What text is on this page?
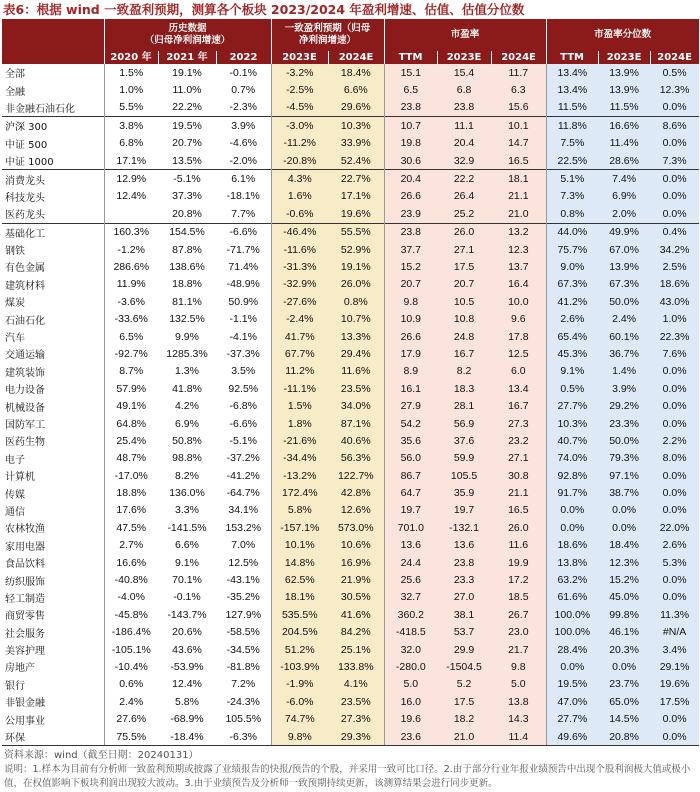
表6：根据 wind 一致盈利预期，测算各个板块 2023/2024 年盈利增速、估值、估值分位数
	历史数据
（归母净利润增速）			一致盈利预期（归母
净利润增速）		市盈率			市盈率分位数		
	2020 年	2021 年	2022	2023E	2024E	TTM	2023E	2024E	TTM	2023E	2024E
全部	1.5%	19.1%	-0.1%	-3.2%	18.4%	15.1	15.4	11.7	13.4%	13.9%	0.5%
全融	1.0%	11.0%	0.7%	-2.5%	6.6%	6.5	6.8	6.3	13.4%	13.9%	12.3%
非金融石油石化	5.5%	22.2%	-2.3%	-4.5%	29.6%	23.8	23.8	15.6	11.5%	11.5%	0.0%
沪深 300	3.8%	19.5%	3.9%	-3.0%	10.3%	10.7	11.1	10.1	11.8%	16.6%	8.6%
中证 500	6.8%	20.7%	-4.6%	-11.2%	33.9%	19.8	20.4	14.7	7.5%	11.4%	0.0%
中证 1000	17.1%	13.5%	-2.0%	-20.8%	52.4%	30.6	32.9	16.5	22.5%	28.6%	7.3%
消费龙头	12.9%	-5.1%	6.1%	4.3%	22.7%	20.4	22.2	18.1	5.1%	7.4%	0.0%
科技龙头	12.4%	37.3%	-18.1%	1.6%	17.1%	26.6	26.4	21.1	7.3%	6.9%	0.0%
医药龙头		20.8%	7.7%	-0.6%	19.6%	23.9	25.2	21.0	0.8%	2.0%	0.0%
基础化工	160.3%	154.5%	-6.6%	-46.4%	55.5%	23.8	26.0	13.2	44.0%	49.9%	0.4%
钢铁	-1.2%	87.8%	-71.7%	-11.6%	52.9%	37.7	27.1	12.3	75.7%	67.0%	34.2%
有色金属	286.6%	138.6%	71.4%	-31.3%	19.1%	15.2	17.5	13.7	9.0%	13.9%	2.5%
建筑材料	11.9%	18.8%	-48.9%	-32.9%	26.0%	20.7	20.7	16.4	67.3%	67.3%	18.6%
煤炭	-3.6%	81.1%	50.9%	-27.6%	0.8%	9.8	10.5	10.0	41.2%	50.0%	43.0%
石油石化	-33.6%	132.5%	-1.1%	-2.4%	10.7%	10.9	10.8	9.6	2.6%	2.4%	1.0%
汽车	6.5%	9.9%	-4.1%	41.7%	13.3%	26.6	24.8	17.8	65.4%	60.1%	22.3%
交通运输	-92.7%	1285.3%	-37.3%	67.7%	29.4%	17.9	16.7	12.5	45.3%	36.7%	7.6%
建筑装饰	8.7%	1.3%	3.5%	11.2%	11.6%	8.9	8.2	6.0	9.1%	1.4%	0.0%
电力设备	57.9%	41.8%	92.5%	-11.1%	23.5%	16.1	18.3	13.4	0.5%	3.9%	0.0%
机械设备	49.1%	4.2%	-6.8%	1.5%	34.0%	27.9	28.1	16.7	27.7%	29.2%	0.0%
国防军工	64.8%	6.9%	-6.6%	1.8%	87.1%	54.2	56.9	27.3	10.3%	23.3%	0.0%
医药生物	25.4%	50.8%	-5.1%	-21.6%	40.6%	35.6	37.6	23.2	40.7%	50.0%	2.2%
电子	48.7%	98.8%	-37.2%	-34.4%	56.3%	56.0	59.9	27.1	74.0%	79.3%	8.0%
计算机	-17.0%	8.2%	-41.2%	-13.2%	122.7%	86.7	105.5	30.8	92.8%	97.1%	0.0%
传媒	18.8%	136.0%	-64.7%	172.4%	42.8%	64.7	35.9	21.1	91.7%	38.7%	0.0%
通信	17.6%	3.3%	34.1%	5.8%	12.6%	19.7	19.7	16.5	0.0%	0.0%	0.0%
农林牧渔	47.5%	-141.5%	153.2%	-157.1%	573.0%	701.0	-132.1	26.0	0.0%	0.0%	22.0%
家用电器	2.7%	6.6%	7.0%	10.1%	10.6%	13.6	13.6	11.6	18.6%	18.4%	2.6%
食品饮料	16.6%	9.1%	12.5%	14.8%	16.9%	24.4	23.8	19.9	13.8%	12.3%	5.3%
纺织服饰	-40.8%	70.1%	-43.1%	62.5%	21.9%	25.6	23.3	17.2	63.2%	15.2%	0.0%
轻工制造	-4.0%	-0.1%	-35.2%	18.1%	30.5%	32.7	27.0	18.5	61.6%	45.0%	0.0%
商贸零售	-45.8%	-143.7%	127.9%	535.5%	41.6%	360.2	38.1	26.7	100.0%	99.8%	11.3%
社会服务	-186.4%	20.6%	-58.5%	204.5%	84.2%	-418.5	53.7	23.0	100.0%	46.1%	#N/A
美容护理	-105.1%	43.6%	-34.5%	51.2%	25.1%	32.0	29.9	21.7	28.4%	20.3%	3.4%
房地产	-10.4%	-53.9%	-81.8%	-103.9%	133.8%	-280.0	-1504.5	9.8	0.0%	0.0%	29.1%
银行	0.6%	12.4%	7.2%	-1.9%	4.1%	5.0	5.2	5.0	19.5%	23.7%	19.6%
非银金融	2.4%	5.8%	-24.3%	-6.0%	23.5%	16.0	17.5	13.8	47.0%	65.0%	17.5%
公用事业	27.6%	-68.9%	105.5%	74.7%	27.3%	19.6	18.2	14.3	27.7%	14.5%	0.0%
环保	75.5%	-18.4%	-6.3%	9.8%	29.3%	23.6	21.0	11.4	49.6%	20.8%	0.0%
资料来源：wind（截至日期：20240131）
说明：1.样本为目前有分析师一致盈利预期或披露了业绩报告的快报/预告的个股，并采用一致可比口径。2.由于部分行业年报业绩预告中出现个股利润极大值或极小值，在权值影响下板块利润出现较大波动。3.由于业绩预告及分析师一致预期持续更新，该测算结果会进行同步更新。
